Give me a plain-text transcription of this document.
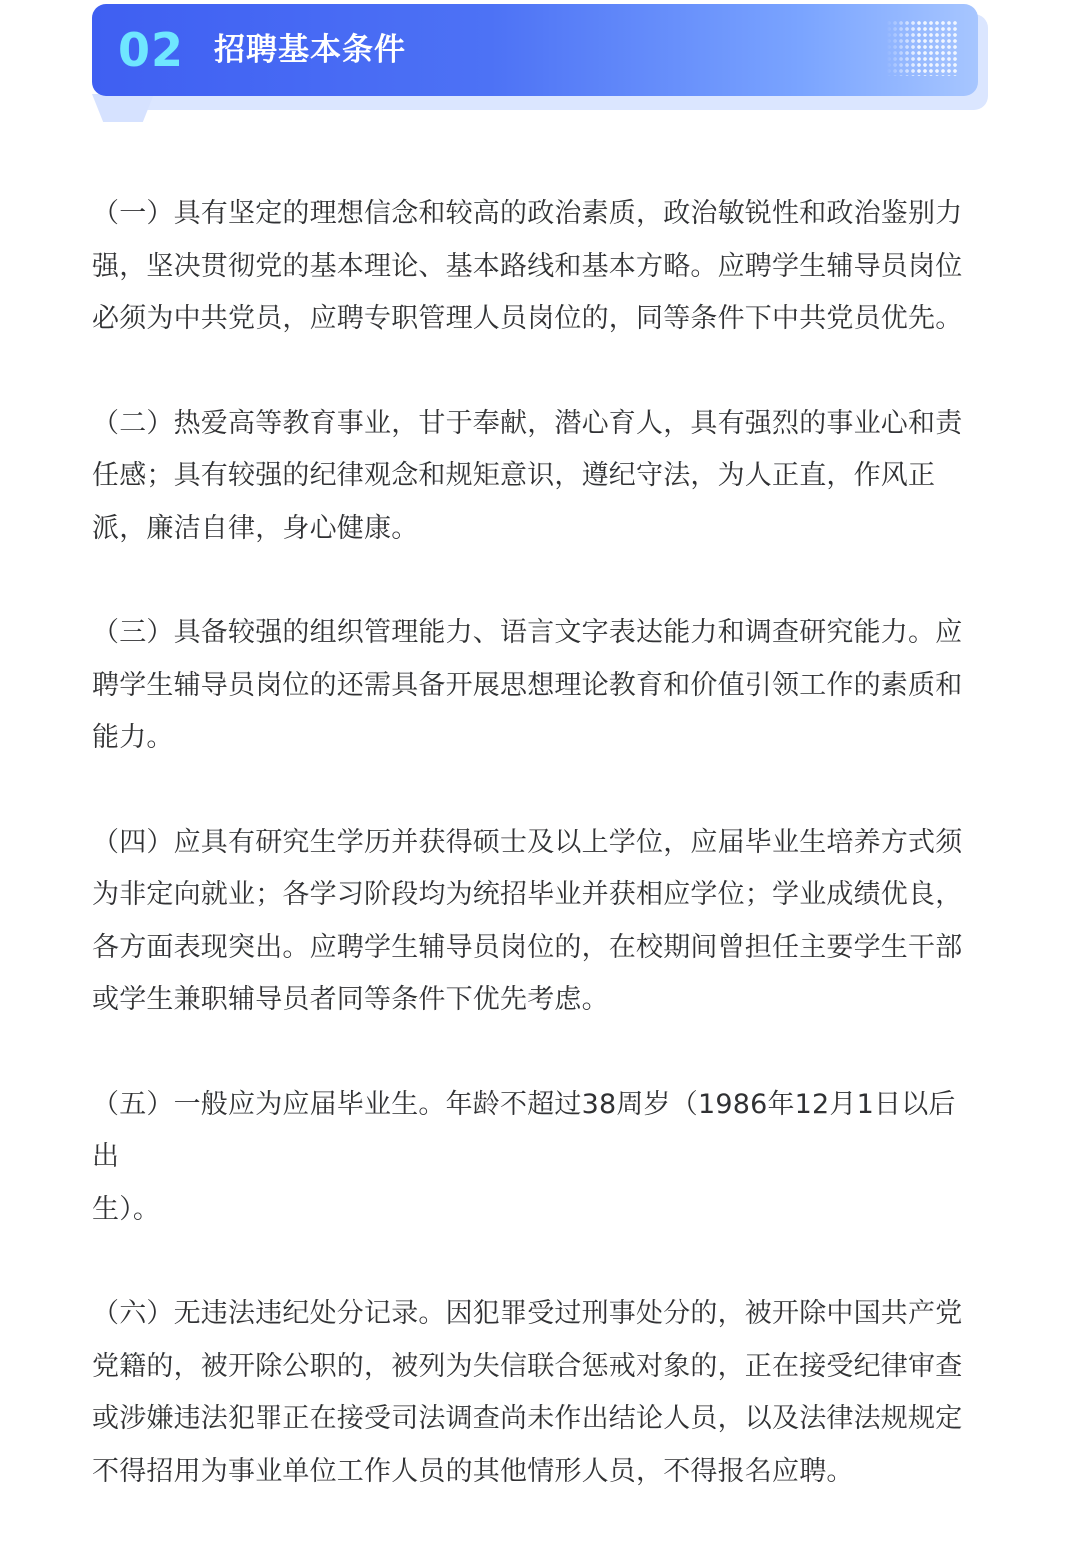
02 招聘基本条件

（一）具有坚定的理想信念和较高的政治素质，政治敏锐性和政治鉴别力
强，坚决贯彻党的基本理论、基本路线和基本方略。应聘学生辅导员岗位
必须为中共党员，应聘专职管理人员岗位的，同等条件下中共党员优先。

（二）热爱高等教育事业，甘于奉献，潜心育人，具有强烈的事业心和责
任感；具有较强的纪律观念和规矩意识，遵纪守法，为人正直，作风正
派，廉洁自律，身心健康。

（三）具备较强的组织管理能力、语言文字表达能力和调查研究能力。应
聘学生辅导员岗位的还需具备开展思想理论教育和价值引领工作的素质和
能力。

（四）应具有研究生学历并获得硕士及以上学位，应届毕业生培养方式须
为非定向就业；各学习阶段均为统招毕业并获相应学位；学业成绩优良，
各方面表现突出。应聘学生辅导员岗位的，在校期间曾担任主要学生干部
或学生兼职辅导员者同等条件下优先考虑。

（五）一般应为应届毕业生。年龄不超过38周岁（1986年12月1日以后出
生）。

（六）无违法违纪处分记录。因犯罪受过刑事处分的，被开除中国共产党
党籍的，被开除公职的，被列为失信联合惩戒对象的，正在接受纪律审查
或涉嫌违法犯罪正在接受司法调查尚未作出结论人员，以及法律法规规定
不得招用为事业单位工作人员的其他情形人员，不得报名应聘。
